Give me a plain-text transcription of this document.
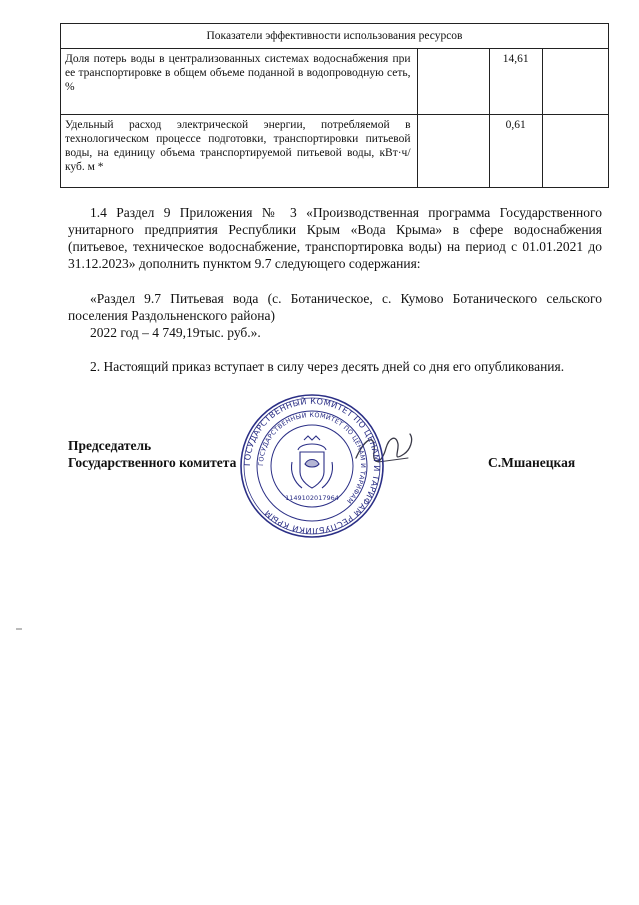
Показатели эффективности использования ресурсов			
Доля потерь воды в централизованных системах водоснабжения при ее транспортировке в общем объеме поданной в водопроводную сеть, %		14,61	
Удельный расход электрической энергии, потребляемой в технологическом процессе подготовки, транспортировки питьевой воды, на единицу объема транспортируемой питьевой воды, кВт·ч/куб. м *		0,61	

1.4 Раздел 9 Приложения № 3 «Производственная программа Государственного унитарного предприятия Республики Крым «Вода Крыма» в сфере водоснабжения (питьевое, техническое водоснабжение, транспортировка воды) на период с 01.01.2021 до 31.12.2023» дополнить пунктом 9.7 следующего содержания:

«Раздел 9.7 Питьевая вода (с. Ботаническое, с. Кумово Ботанического сельского поселения Раздольненского района)

2022 год – 4 749,19тыс. руб.».

2. Настоящий приказ вступает в силу через десять дней со дня его опубликования.

Председатель
Государственного комитета	С.Мшанецкая
ГОСУДАРСТВЕННЫЙ КОМИТЕТ ПО ЦЕНАМ И ТАРИФАМ РЕСПУБЛИКИ КРЫМ
ГОСУДАРСТВЕННЫЙ КОМИТЕТ ПО ЦЕНАМ И ТАРИФАМ
1149102017964
